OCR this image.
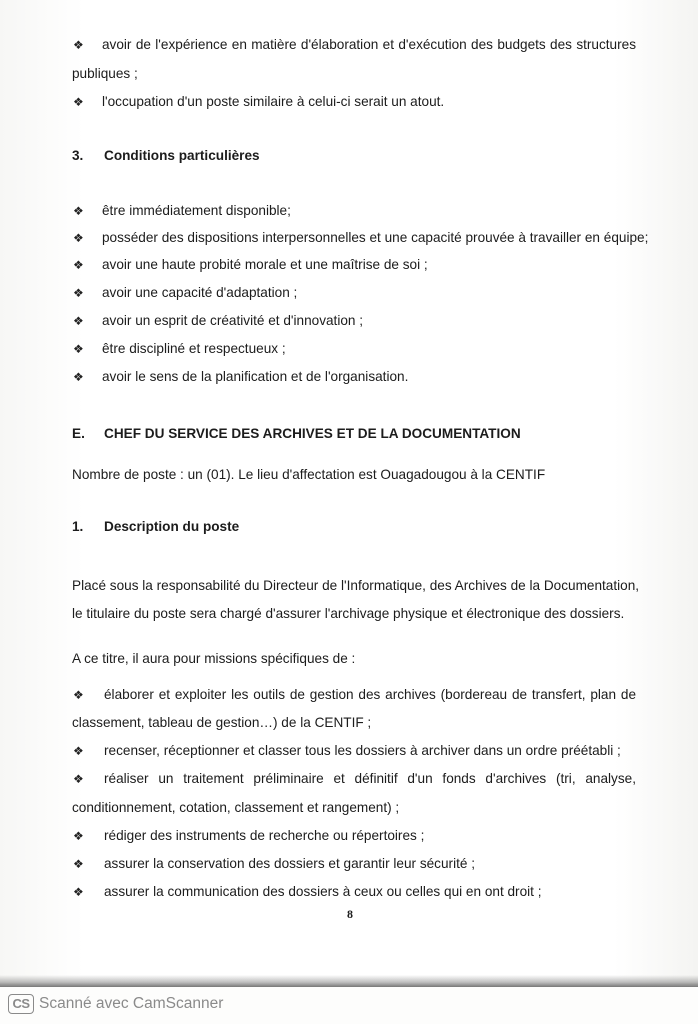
❖ avoir de l'expérience en matière d'élaboration et d'exécution des budgets des structures
publiques ;
❖ l'occupation d'un poste similaire à celui-ci serait un atout.
3. Conditions particulières
❖ être immédiatement disponible;
❖ posséder des dispositions interpersonnelles et une capacité prouvée à travailler en équipe;
❖ avoir une haute probité morale et une maîtrise de soi ;
❖ avoir une capacité d'adaptation ;
❖ avoir un esprit de créativité et d'innovation ;
❖ être discipliné et respectueux ;
❖ avoir le sens de la planification et de l'organisation.
E. CHEF DU SERVICE DES ARCHIVES ET DE LA DOCUMENTATION
Nombre de poste : un (01). Le lieu d'affectation est Ouagadougou à la CENTIF
1. Description du poste
Placé sous la responsabilité du Directeur de l'Informatique, des Archives de la Documentation,
le titulaire du poste sera chargé d'assurer l'archivage physique et électronique des dossiers.
A ce titre, il aura pour missions spécifiques de :
❖ élaborer et exploiter les outils de gestion des archives (bordereau de transfert, plan de
classement, tableau de gestion…) de la CENTIF ;
❖ recenser, réceptionner et classer tous les dossiers à archiver dans un ordre préétabli ;
❖ réaliser un traitement préliminaire et définitif d'un fonds d'archives (tri, analyse,
conditionnement, cotation, classement et rangement) ;
❖ rédiger des instruments de recherche ou répertoires ;
❖ assurer la conservation des dossiers et garantir leur sécurité ;
❖ assurer la communication des dossiers à ceux ou celles qui en ont droit ;
8
CS Scanné avec CamScanner
